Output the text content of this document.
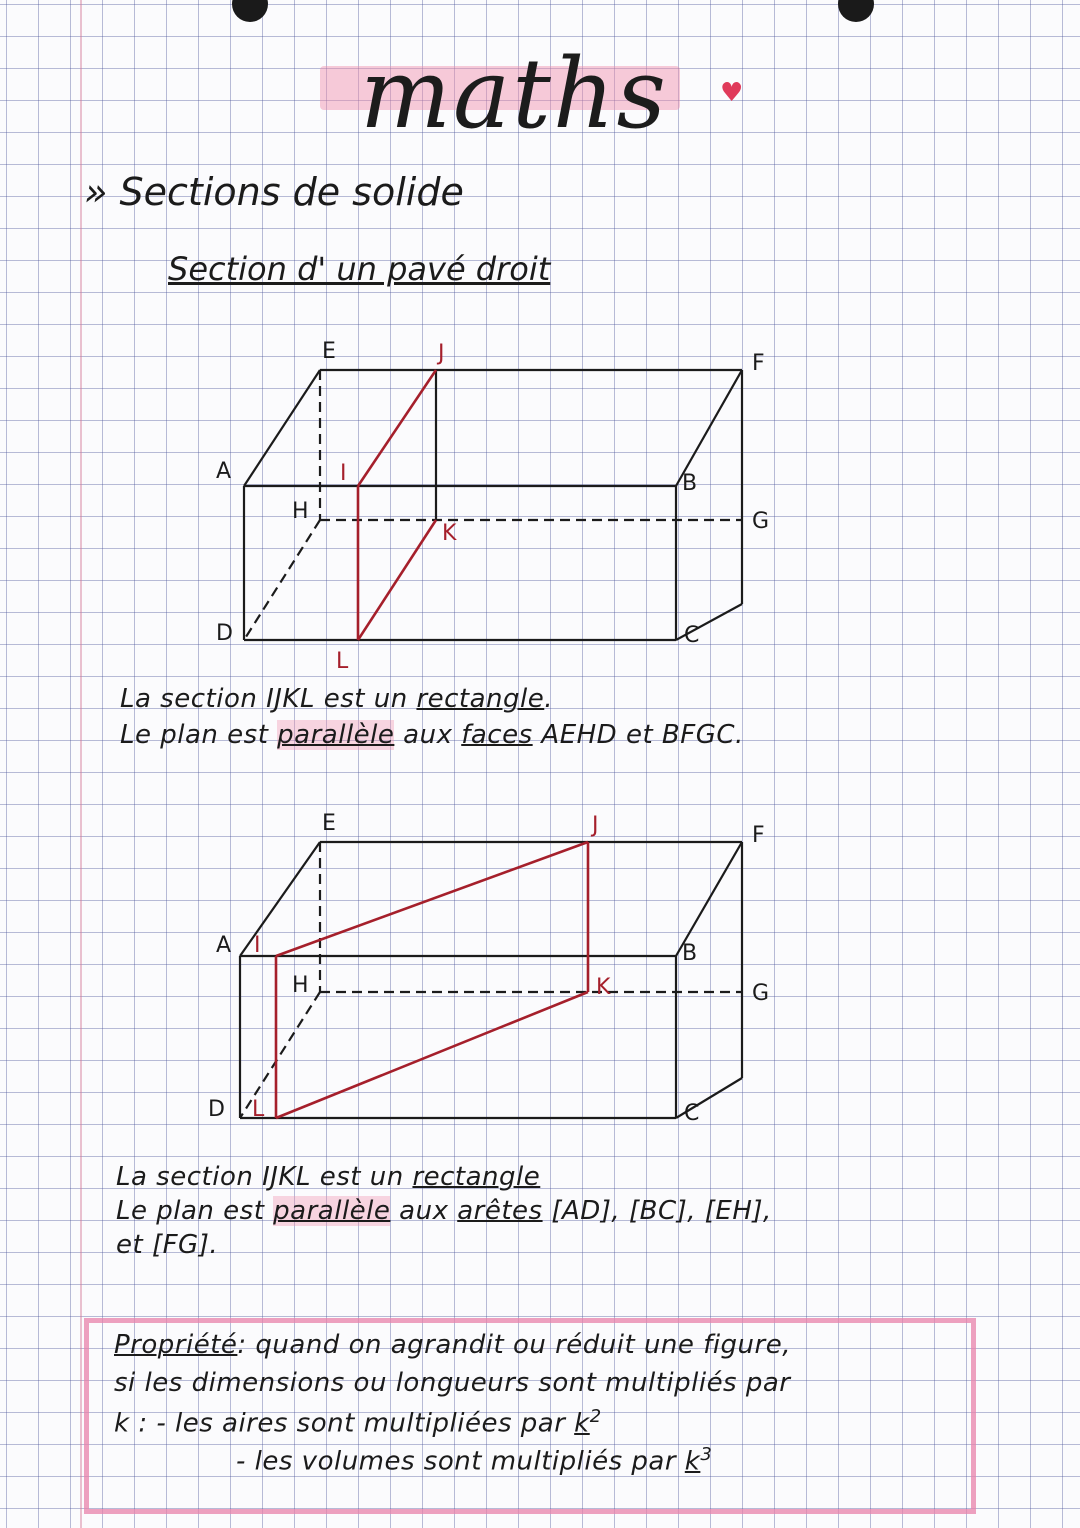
maths ♥
» Sections de solide
Section d' un pavé droit
A	B
C
D
E	F
G
H
I
J
K
L
A	B
C
D
E	F
G
H
I
J
K
L
La section IJKL est un rectangle.
Le plan est parallèle aux faces AEHD et BFGC.
La section IJKL est un rectangle
Le plan est parallèle aux arêtes [AD], [BC], [EH],
et [FG].
Propriété: quand on agrandit ou réduit une figure,
si les dimensions ou longueurs sont multipliés par
k : - les aires sont multipliées par $k^2$
- les volumes sont multipliés par $k^3$
